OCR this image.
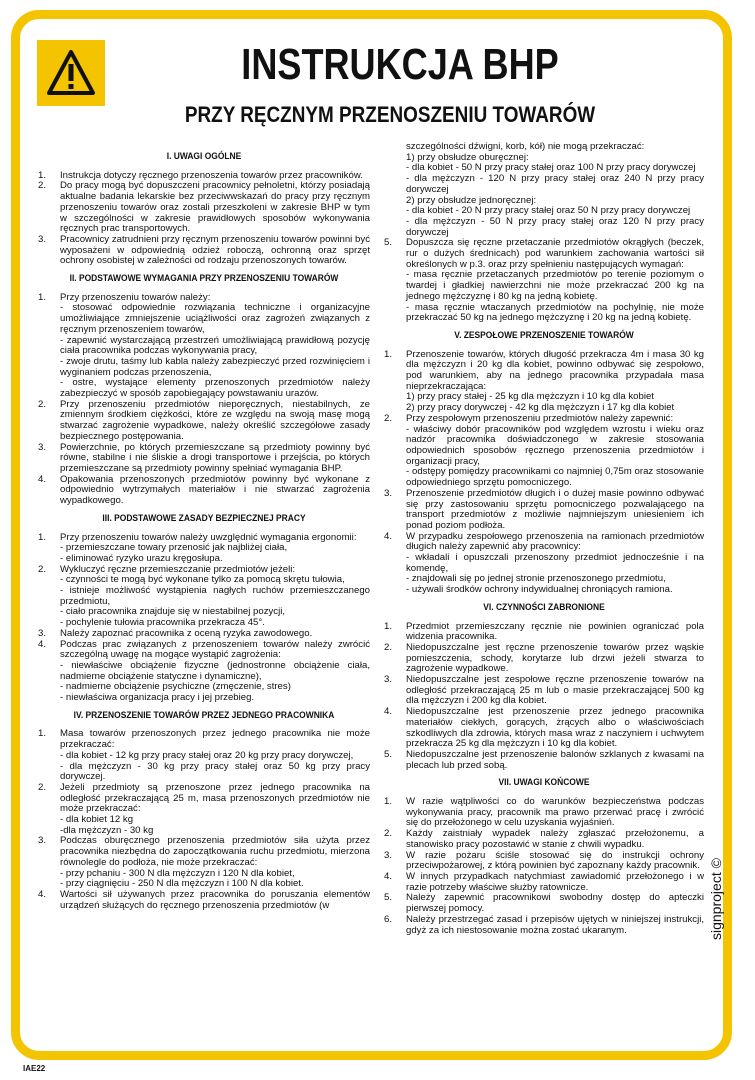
INSTRUKCJA BHP
PRZY RĘCZNYM PRZENOSZENIU TOWARÓW
I. UWAGI OGÓLNE
1.	Instrukcja dotyczy ręcznego przenoszenia towarów przez pracowników.
2.	Do pracy mogą być dopuszczeni pracownicy pełnoletni, którzy posiadają aktualne badania lekarskie bez przeciwwskazań do pracy przy ręcznym przenoszeniu towarów oraz zostali przeszkoleni w zakresie BHP w tym w szczególności w zakresie prawidłowych sposobów wykonywania ręcznych prac transportowych.
3.	Pracownicy zatrudnieni przy ręcznym przenoszeniu towarów powinni być wyposażeni w odpowiednią odzież roboczą, ochronną oraz sprzęt ochrony osobistej w zależności od rodzaju przenoszonych towarów.
II. PODSTAWOWE WYMAGANIA PRZY PRZENOSZENIU TOWARÓW
1.	Przy przenoszeniu towarów należy:
- stosować odpowiednie rozwiązania techniczne i organizacyjne umożliwiające zmniejszenie uciążliwości oraz zagrożeń związanych z ręcznym przenoszeniem towarów,
- zapewnić wystarczającą przestrzeń umożliwiającą prawidłową pozycję ciała pracownika podczas wykonywania pracy,
- zwoje drutu, taśmy lub kabla należy zabezpieczyć przed rozwinięciem i wyginaniem podczas przenoszenia,
- ostre, wystające elementy przenoszonych przedmiotów należy zabezpieczyć w sposób zapobiegający powstawaniu urazów.
2.	Przy przenoszeniu przedmiotów nieporęcznych, niestabilnych, ze zmiennym środkiem ciężkości, które ze względu na swoją masę mogą stwarzać zagrożenie wypadkowe, należy określić szczegółowe zasady bezpiecznego postępowania.
3.	Powierzchnie, po których przemieszczane są przedmioty powinny być równe, stabilne i nie śliskie a drogi transportowe i przejścia, po których przemieszczane są przedmioty powinny spełniać wymagania BHP.
4.	Opakowania przenoszonych przedmiotów powinny być wykonane z odpowiednio wytrzymałych materiałów i nie stwarzać zagrożenia wypadkowego.
III. PODSTAWOWE ZASADY BEZPIECZNEJ PRACY
1.	Przy przenoszeniu towarów należy uwzględnić wymagania ergonomii:
- przemieszczane towary przenosić jak najbliżej ciała,
- eliminować ryzyko urazu kręgosłupa.
2.	Wykluczyć ręczne przemieszczanie przedmiotów jeżeli:
- czynności te mogą być wykonane tylko za pomocą skrętu tułowia,
- istnieje możliwość wystąpienia nagłych ruchów przemieszczanego przedmiotu,
- ciało pracownika znajduje się w niestabilnej pozycji,
- pochylenie tułowia pracownika przekracza 45°.
3.	Należy zapoznać pracownika z oceną ryzyka zawodowego.
4.	Podczas prac związanych z przenoszeniem towarów należy zwrócić szczególną uwagę na mogące wystąpić zagrożenia:
- niewłaściwe obciążenie fizyczne (jednostronne obciążenie ciała, nadmierne obciążenie statyczne i dynamiczne),
- nadmierne obciążenie psychiczne (zmęczenie, stres)
- niewłaściwa organizacja pracy i jej przebieg.
IV. PRZENOSZENIE TOWARÓW PRZEZ JEDNEGO PRACOWNIKA
1.	Masa towarów przenoszonych przez jednego pracownika nie może przekraczać:
- dla kobiet - 12 kg przy pracy stałej oraz 20 kg przy pracy dorywczej,
- dla mężczyzn - 30 kg przy pracy stałej oraz 50 kg przy pracy dorywczej.
2.	Jeżeli przedmioty są przenoszone przez jednego pracownika na odległość przekraczającą 25 m, masa przenoszonych przedmiotów nie może przekraczać:
- dla kobiet 12 kg
-dla mężczyzn - 30 kg
3.	Podczas oburęcznego przenoszenia przedmiotów siła użyta przez pracownika niezbędna do zapoczątkowania ruchu przedmiotu, mierzona równolegle do podłoża, nie może przekraczać:
- przy pchaniu - 300 N dla mężczyzn i 120 N dla kobiet,
- przy ciągnięciu - 250 N dla mężczyzn i 100 N dla kobiet.
4.	Wartości sił używanych przez pracownika do poruszania elementów urządzeń służących do ręcznego przenoszenia przedmiotów (w
szczególności dźwigni, korb, kół) nie mogą przekraczać:
1) przy obsłudze oburęcznej:
- dla kobiet - 50 N przy pracy stałej oraz 100 N przy pracy dorywczej
- dla mężczyzn - 120 N przy pracy stałej oraz 240 N przy pracy dorywczej
2) przy obsłudze jednoręcznej:
- dla kobiet - 20 N przy pracy stałej oraz 50 N przy pracy dorywczej
- dla mężczyzn - 50 N przy pracy stałej oraz 120 N przy pracy dorywczej
5.	Dopuszcza się ręczne przetaczanie przedmiotów okrągłych (beczek, rur o dużych średnicach) pod warunkiem zachowania wartości sił określonych w p.3. oraz przy spełnieniu następujących wymagań:
- masa ręcznie przetaczanych przedmiotów po terenie poziomym o twardej i gładkiej nawierzchni nie może przekraczać 200 kg na jednego mężczyznę i 80 kg na jedną kobietę.
- masa ręcznie wtaczanych przedmiotów na pochylnię, nie może przekraczać 50 kg na jednego mężczyznę i 20 kg na jedną kobietę.
V. ZESPOŁOWE PRZENOSZENIE TOWARÓW
1.	Przenoszenie towarów, których długość przekracza 4m i masa 30 kg dla mężczyzn i 20 kg dla kobiet, powinno odbywać się zespołowo, pod warunkiem, aby na jednego pracownika przypadała masa nieprzekraczająca:
1) przy pracy stałej - 25 kg dla mężczyzn i 10 kg dla kobiet
2) przy pracy dorywczej - 42 kg dla mężczyzn i 17 kg dla kobiet
2.	Przy zespołowym przenoszeniu przedmiotów należy zapewnić:
- właściwy dobór pracowników pod względem wzrostu i wieku oraz nadzór pracownika doświadczonego w zakresie stosowania odpowiednich sposobów ręcznego przenoszenia przedmiotów i organizacji pracy,
- odstępy pomiędzy pracownikami co najmniej 0,75m oraz stosowanie odpowiedniego sprzętu pomocniczego.
3.	Przenoszenie przedmiotów długich i o dużej masie powinno odbywać się przy zastosowaniu sprzętu pomocniczego pozwalającego na transport przedmiotów z możliwie najmniejszym uniesieniem ich ponad poziom podłoża.
4.	W przypadku zespołowego przenoszenia na ramionach przedmiotów długich należy zapewnić aby pracownicy:
- wkładali i opuszczali przenoszony przedmiot jednocześnie i na komendę,
- znajdowali się po jednej stronie przenoszonego przedmiotu,
- używali środków ochrony indywidualnej chroniących ramiona.
VI. CZYNNOŚCI ZABRONIONE
1.	Przedmiot przemieszczany ręcznie nie powinien ograniczać pola widzenia pracownika.
2.	Niedopuszczalne jest ręczne przenoszenie towarów przez wąskie pomieszczenia, schody, korytarze lub drzwi jeżeli stwarza to zagrożenie wypadkowe.
3.	Niedopuszczalne jest zespołowe ręczne przenoszenie towarów na odległość przekraczającą 25 m lub o masie przekraczającej 500 kg dla mężczyzn i 200 kg dla kobiet.
4.	Niedopuszczalne jest przenoszenie przez jednego pracownika materiałów ciekłych, gorących, żrących albo o właściwościach szkodliwych dla zdrowia, których masa wraz z naczyniem i uchwytem przekracza 25 kg dla mężczyzn i 10 kg dla kobiet.
5.	Niedopuszczalne jest przenoszenie balonów szklanych z kwasami na plecach lub przed sobą.
VII. UWAGI KOŃCOWE
1.	W razie wątpliwości co do warunków bezpieczeństwa podczas wykonywania pracy, pracownik ma prawo przerwać pracę i zwrócić się do przełożonego w celu uzyskania wyjaśnień.
2.	Każdy zaistniały wypadek należy zgłaszać przełożonemu, a stanowisko pracy pozostawić w stanie z chwili wypadku.
3.	W razie pożaru ściśle stosować się do instrukcji ochrony przeciwpożarowej, z którą powinien być zapoznany każdy pracownik.
4.	W innych przypadkach natychmiast zawiadomić przełożonego i w razie potrzeby właściwe służby ratownicze.
5.	Należy zapewnić pracownikowi swobodny dostęp do apteczki pierwszej pomocy.
6.	Należy przestrzegać zasad i przepisów ujętych w niniejszej instrukcji, gdyż za ich niestosowanie można zostać ukaranym.	signproject ©
IAE22
